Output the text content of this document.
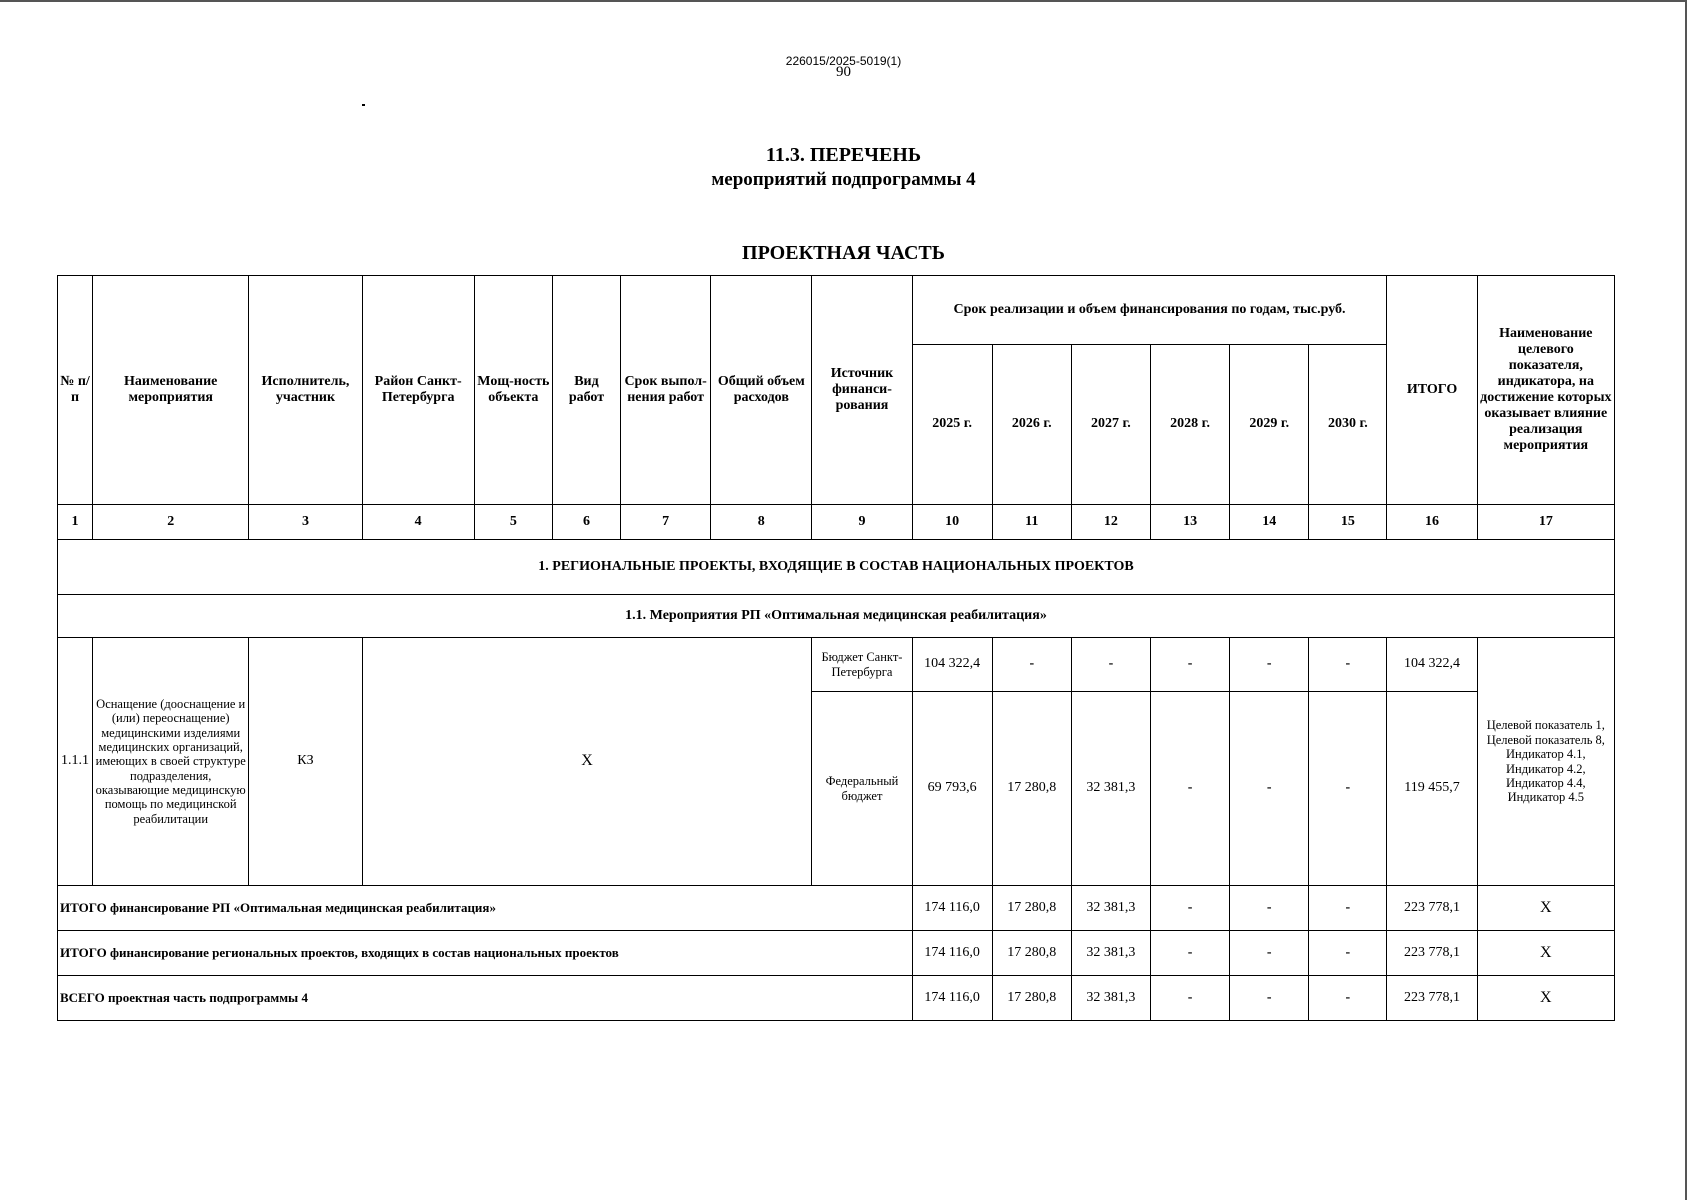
226015/2025-5019(1)
90
11.3. ПЕРЕЧЕНЬ
мероприятий подпрограммы 4
ПРОЕКТНАЯ ЧАСТЬ
№ п/п	Наименование мероприятия	Исполнитель, участник	Район Санкт-Петербурга	Мощ-ность объекта	Вид работ	Срок выпол-нения работ	Общий объем расходов	Источник финанси-рования	Срок реализации и объем финансирования по годам, тыс.руб.						ИТОГО	Наименование целевого показателя, индикатора, на достижение которых оказывает влияние реализация мероприятия
									2025 г.	2026 г.	2027 г.	2028 г.	2029 г.	2030 г.		
1	2	3	4	5	6	7	8	9	10	11	12	13	14	15	16	17
1. РЕГИОНАЛЬНЫЕ ПРОЕКТЫ, ВХОДЯЩИЕ В СОСТАВ НАЦИОНАЛЬНЫХ ПРОЕКТОВ																
1.1. Мероприятия РП «Оптимальная медицинская реабилитация»																
1.1.1	Оснащение (дооснащение и (или) переоснащение) медицинскими изделиями медицинских организаций, имеющих в своей структуре подразделения, оказывающие медицинскую помощь по медицинской реабилитации	КЗ	Х					Бюджет Санкт-Петербурга	104 322,4	-	-	-	-	-	104 322,4	Целевой показатель 1, Целевой показатель 8, Индикатор 4.1, Индикатор 4.2, Индикатор 4.4, Индикатор 4.5
								Федеральный бюджет	69 793,6	17 280,8	32 381,3	-	-	-	119 455,7	
ИТОГО финансирование РП «Оптимальная медицинская реабилитация»									174 116,0	17 280,8	32 381,3	-	-	-	223 778,1	Х
ИТОГО финансирование региональных проектов, входящих в состав национальных проектов									174 116,0	17 280,8	32 381,3	-	-	-	223 778,1	Х
ВСЕГО проектная часть подпрограммы 4									174 116,0	17 280,8	32 381,3	-	-	-	223 778,1	Х
